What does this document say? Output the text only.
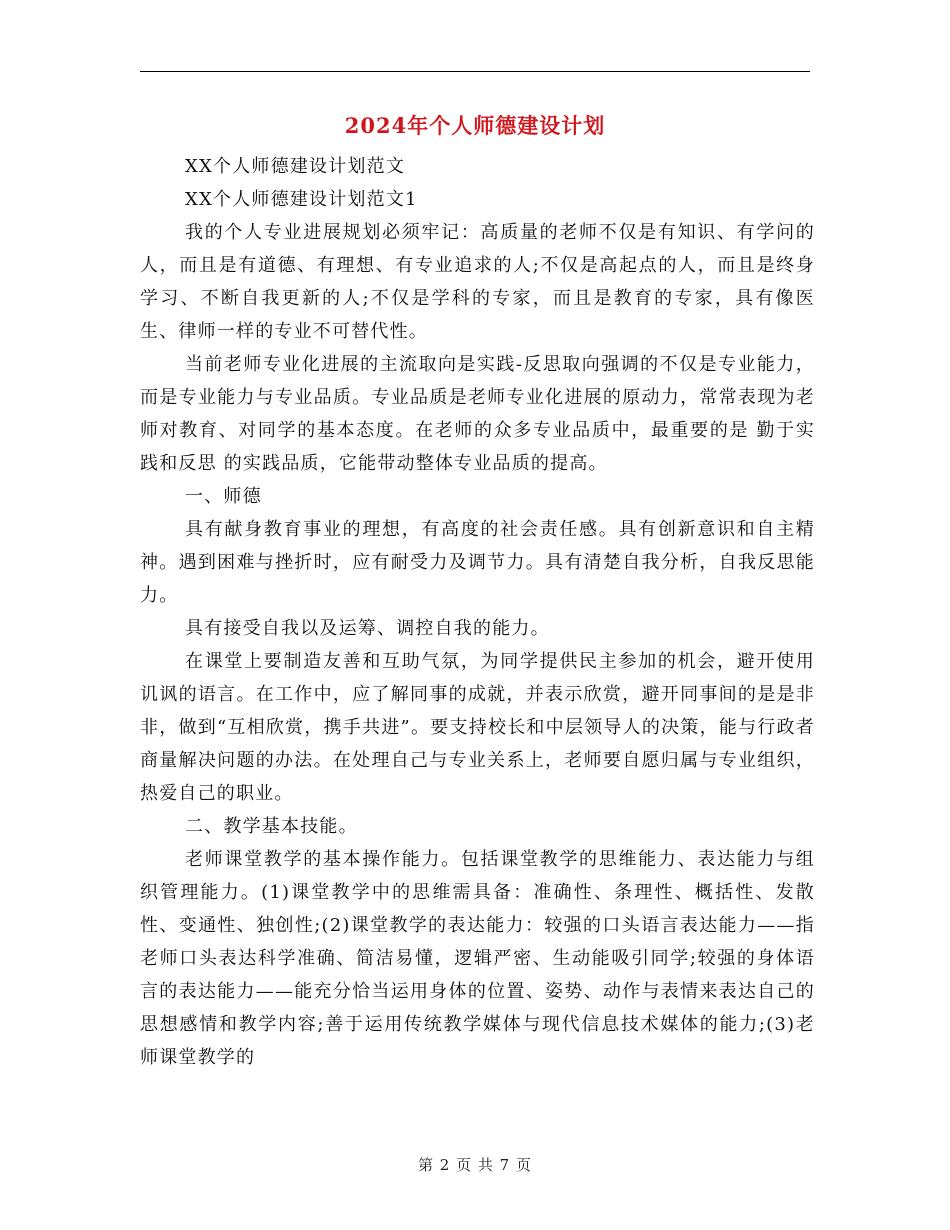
2024年个人师德建设计划

XX个人师德建设计划范文

XX个人师德建设计划范文1

我的个人专业进展规划必须牢记：高质量的老师不仅是有知识、有学问的人，而且是有道德、有理想、有专业追求的人;不仅是高起点的人，而且是终身学习、不断自我更新的人;不仅是学科的专家，而且是教育的专家，具有像医生、律师一样的专业不可替代性。

当前老师专业化进展的主流取向是实践-反思取向强调的不仅是专业能力，而是专业能力与专业品质。专业品质是老师专业化进展的原动力，常常表现为老师对教育、对同学的基本态度。在老师的众多专业品质中，最重要的是 勤于实践和反思 的实践品质，它能带动整体专业品质的提高。

一、师德

具有献身教育事业的理想，有高度的社会责任感。具有创新意识和自主精神。遇到困难与挫折时，应有耐受力及调节力。具有清楚自我分析，自我反思能力。

具有接受自我以及运筹、调控自我的能力。

在课堂上要制造友善和互助气氛，为同学提供民主参加的机会，避开使用讥讽的语言。在工作中，应了解同事的成就，并表示欣赏，避开同事间的是是非非，做到“互相欣赏，携手共进”。要支持校长和中层领导人的决策，能与行政者商量解决问题的办法。在处理自己与专业关系上，老师要自愿归属与专业组织，热爱自己的职业。

二、教学基本技能。

老师课堂教学的基本操作能力。包括课堂教学的思维能力、表达能力与组织管理能力。(1)课堂教学中的思维需具备：准确性、条理性、概括性、发散性、变通性、独创性;(2)课堂教学的表达能力：较强的口头语言表达能力——指老师口头表达科学准确、简洁易懂，逻辑严密、生动能吸引同学;较强的身体语言的表达能力——能充分恰当运用身体的位置、姿势、动作与表情来表达自己的思想感情和教学内容;善于运用传统教学媒体与现代信息技术媒体的能力;(3)老师课堂教学的

第 2 页 共 7 页
